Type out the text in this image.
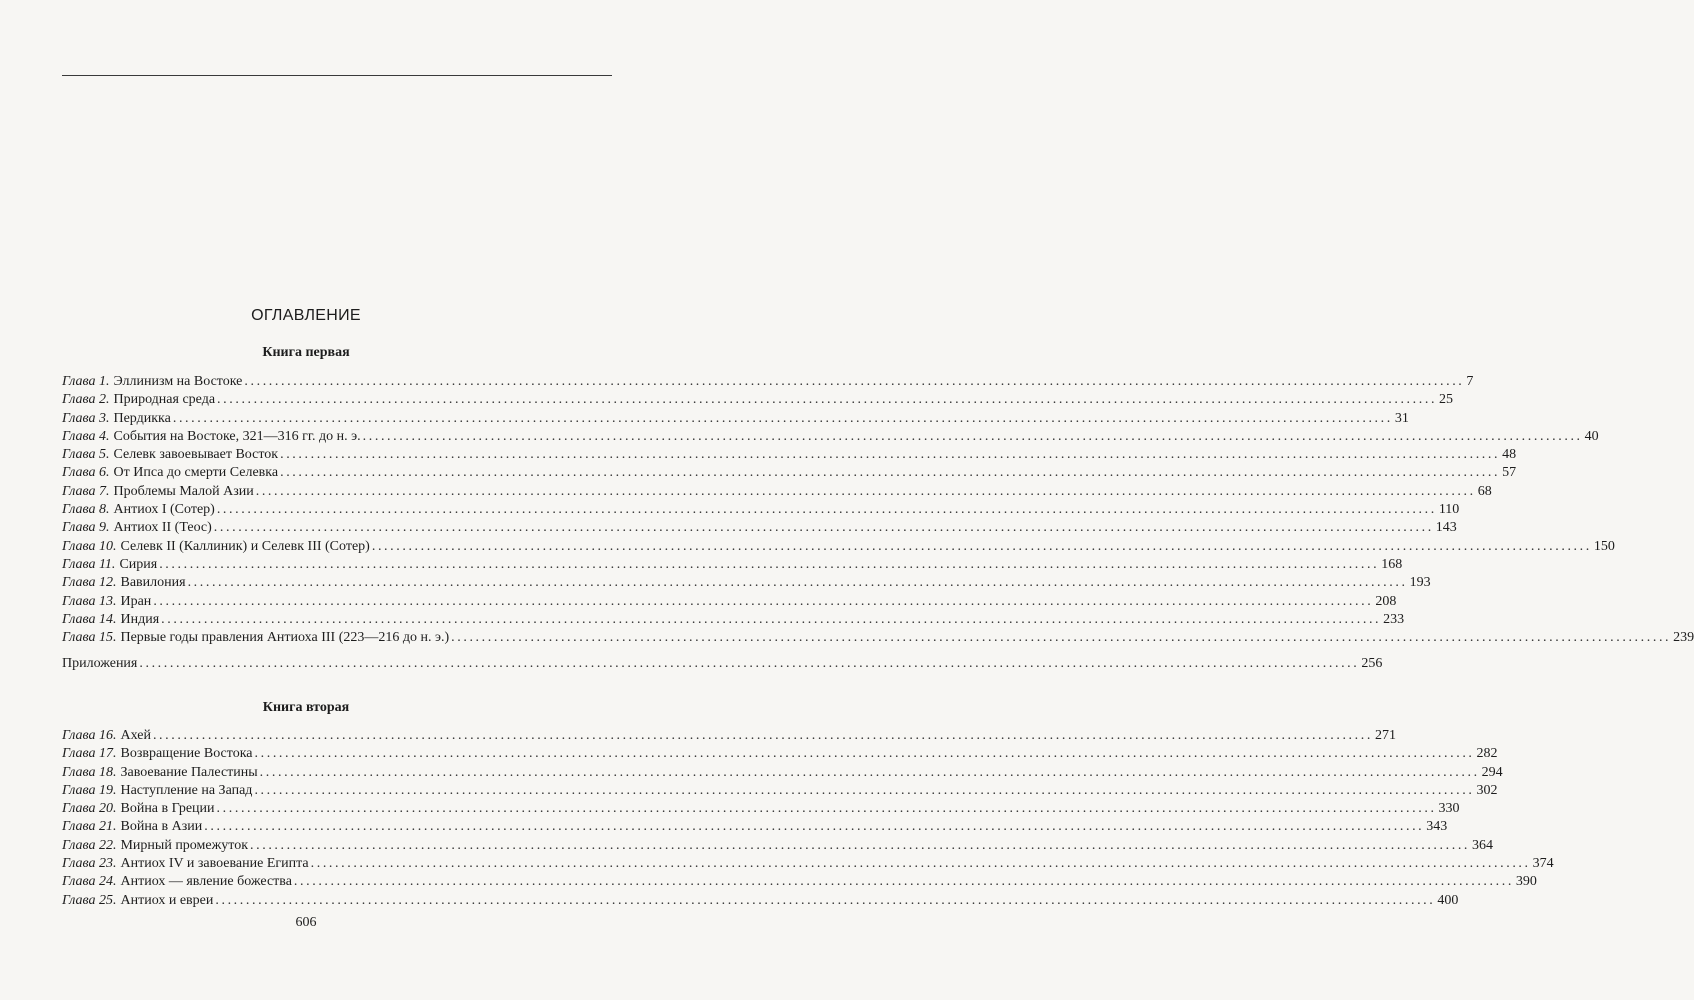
ОГЛАВЛЕНИЕ
Книга первая
Глава 1. Эллинизм на Востоке ........................................................................................................................................................................................................ 7
Глава 2. Природная среда ........................................................................................................................................................................................................ 25
Глава 3. Пердикка ........................................................................................................................................................................................................ 31
Глава 4. События на Востоке, 321—316 гг. до н. э. ........................................................................................................................................................................................................ 40
Глава 5. Селевк завоевывает Восток ........................................................................................................................................................................................................ 48
Глава 6. От Ипса до смерти Селевка ........................................................................................................................................................................................................ 57
Глава 7. Проблемы Малой Азии ........................................................................................................................................................................................................ 68
Глава 8. Антиох I (Сотер) ........................................................................................................................................................................................................ 110
Глава 9. Антиох II (Теос) ........................................................................................................................................................................................................ 143
Глава 10. Селевк II (Каллиник) и Селевк III (Сотер) ........................................................................................................................................................................................................ 150
Глава 11. Сирия ........................................................................................................................................................................................................ 168
Глава 12. Вавилония ........................................................................................................................................................................................................ 193
Глава 13. Иран ........................................................................................................................................................................................................ 208
Глава 14. Индия ........................................................................................................................................................................................................ 233
Глава 15. Первые годы правления Антиоха III (223—216 до н. э.) ........................................................................................................................................................................................................ 239
Приложения ........................................................................................................................................................................................................ 256
Книга вторая
Глава 16. Ахей ........................................................................................................................................................................................................ 271
Глава 17. Возвращение Востока ........................................................................................................................................................................................................ 282
Глава 18. Завоевание Палестины ........................................................................................................................................................................................................ 294
Глава 19. Наступление на Запад ........................................................................................................................................................................................................ 302
Глава 20. Война в Греции ........................................................................................................................................................................................................ 330
Глава 21. Война в Азии ........................................................................................................................................................................................................ 343
Глава 22. Мирный промежуток ........................................................................................................................................................................................................ 364
Глава 23. Антиох IV и завоевание Египта ........................................................................................................................................................................................................ 374
Глава 24. Антиох — явление божества ........................................................................................................................................................................................................ 390
Глава 25. Антиох и евреи ........................................................................................................................................................................................................ 400
606
